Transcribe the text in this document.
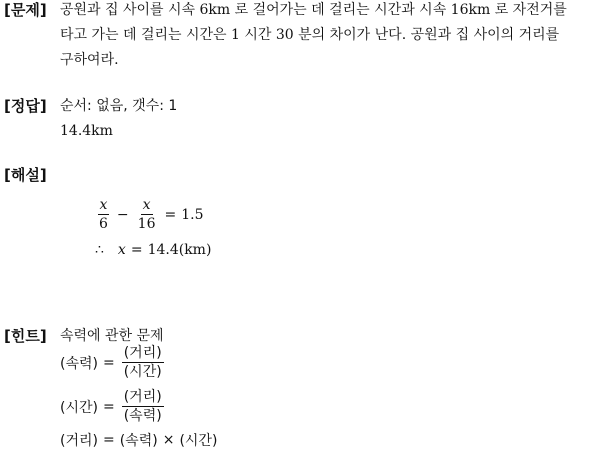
[문제] 공원과 집 사이를 시속 6km 로 걸어가는 데 걸리는 시간과 시속 16km 로 자전거를
타고 가는 데 걸리는 시간은 1 시간 30 분의 차이가 난다. 공원과 집 사이의 거리를
구하여라.
[정답] 순서: 없음, 갯수: 1
14.4km
[해설]
$\frac{x}{6} - \frac{x}{16} = 1.5$
∴ x = 14.4(km)
[힌트] 속력에 관한 문제
(속력) = $\frac{\text{(거리)}}{\text{(시간)}}$
(시간) = $\frac{\text{(거리)}}{\text{(속력)}}$
(거리) = (속력) × (시간)
